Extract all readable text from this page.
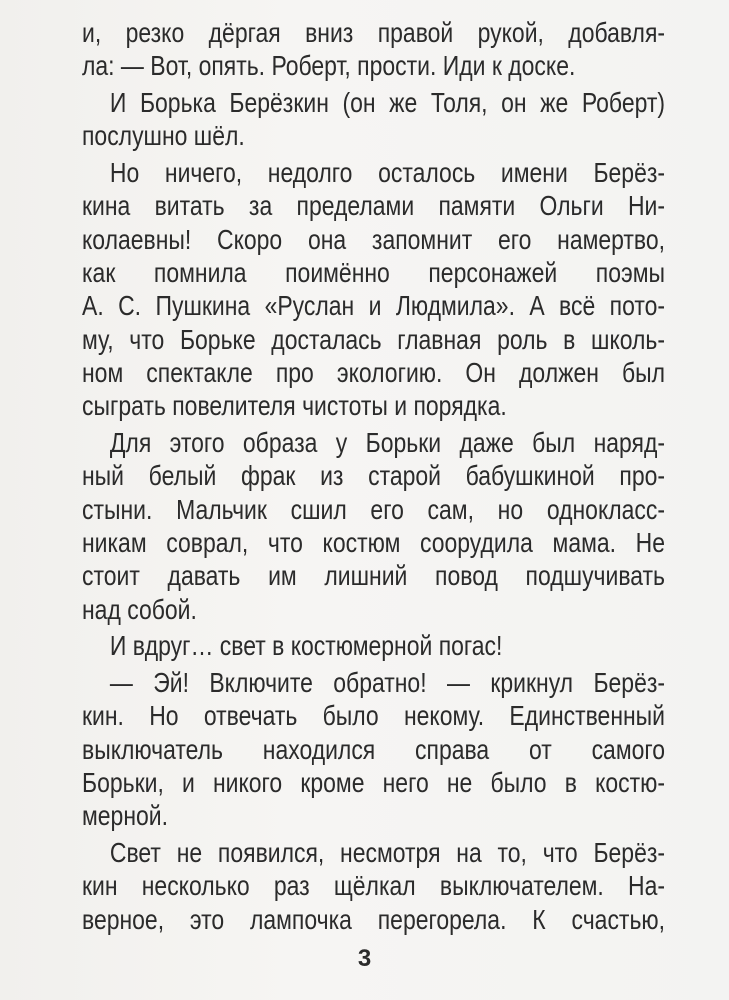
и, резко дёргая вниз правой рукой, добавля-
ла: — Вот, опять. Роберт, прости. Иди к доске.
И Борька Берёзкин (он же Толя, он же Роберт)
послушно шёл.
Но ничего, недолго осталось имени Берёз-
кина витать за пределами памяти Ольги Ни-
колаевны! Скоро она запомнит его намертво,
как помнила поимённо персонажей поэмы
А. С. Пушкина «Руслан и Людмила». А всё пото-
му, что Борьке досталась главная роль в школь-
ном спектакле про экологию. Он должен был
сыграть повелителя чистоты и порядка.
Для этого образа у Борьки даже был наряд-
ный белый фрак из старой бабушкиной про-
стыни. Мальчик сшил его сам, но однокласс-
никам соврал, что костюм соорудила мама. Не
стоит давать им лишний повод подшучивать
над собой.
И вдруг… свет в костюмерной погас!
— Эй! Включите обратно! — крикнул Берёз-
кин. Но отвечать было некому. Единственный
выключатель находился справа от самого
Борьки, и никого кроме него не было в костю-
мерной.
Свет не появился, несмотря на то, что Берёз-
кин несколько раз щёлкал выключателем. На-
верное, это лампочка перегорела. К счастью,
3
